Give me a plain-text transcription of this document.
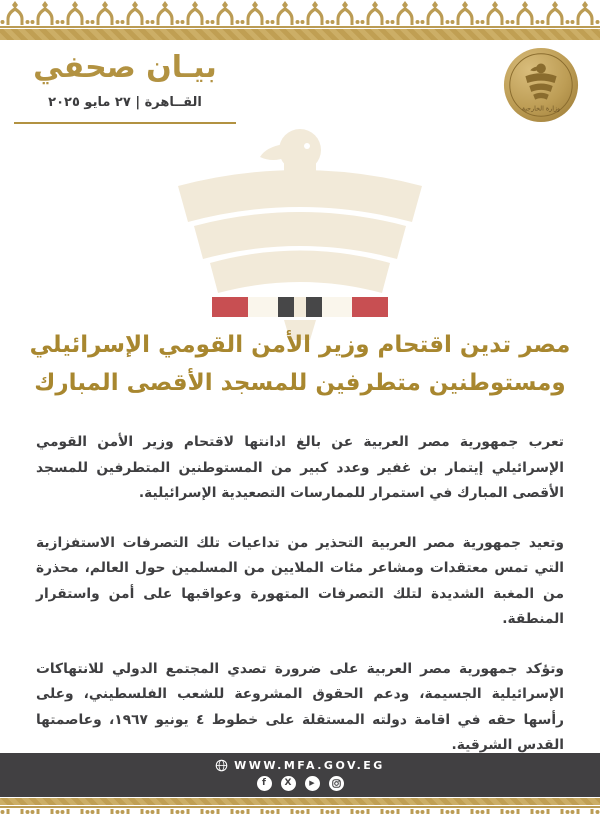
بيـان صحفي
القــاهرة | ٢٧ مايو ٢٠٢٥	وزارة الخارجية
مصر تدين اقتحام وزير الأمن القومي الإسرائيلي
ومستوطنين متطرفين للمسجد الأقصى المبارك

تعرب جمهورية مصر العربية عن بالغ ادانتها لاقتحام وزير الأمن القومي الإسرائيلي إيتمار بن غفير وعدد كبير من المستوطنين المتطرفين للمسجد الأقصى المبارك في استمرار للممارسات التصعيدية الإسرائيلية.

وتعيد جمهورية مصر العربية التحذير من تداعيات تلك التصرفات الاستفزازية التي تمس معتقدات ومشاعر مئات الملايين من المسلمين حول العالم، محذرة من المغبة الشديدة لتلك التصرفات المتهورة وعواقبها على أمن واستقرار المنطقة.

وتؤكد جمهورية مصر العربية على ضرورة تصدي المجتمع الدولي للانتهاكات الإسرائيلية الجسيمة، ودعم الحقوق المشروعة للشعب الفلسطيني، وعلى رأسها حقه في اقامة دولته المستقلة على خطوط ٤ يونيو ١٩٦٧، وعاصمتها القدس الشرقية.

WWW.MFA.GOV.EG
f	X	▶
